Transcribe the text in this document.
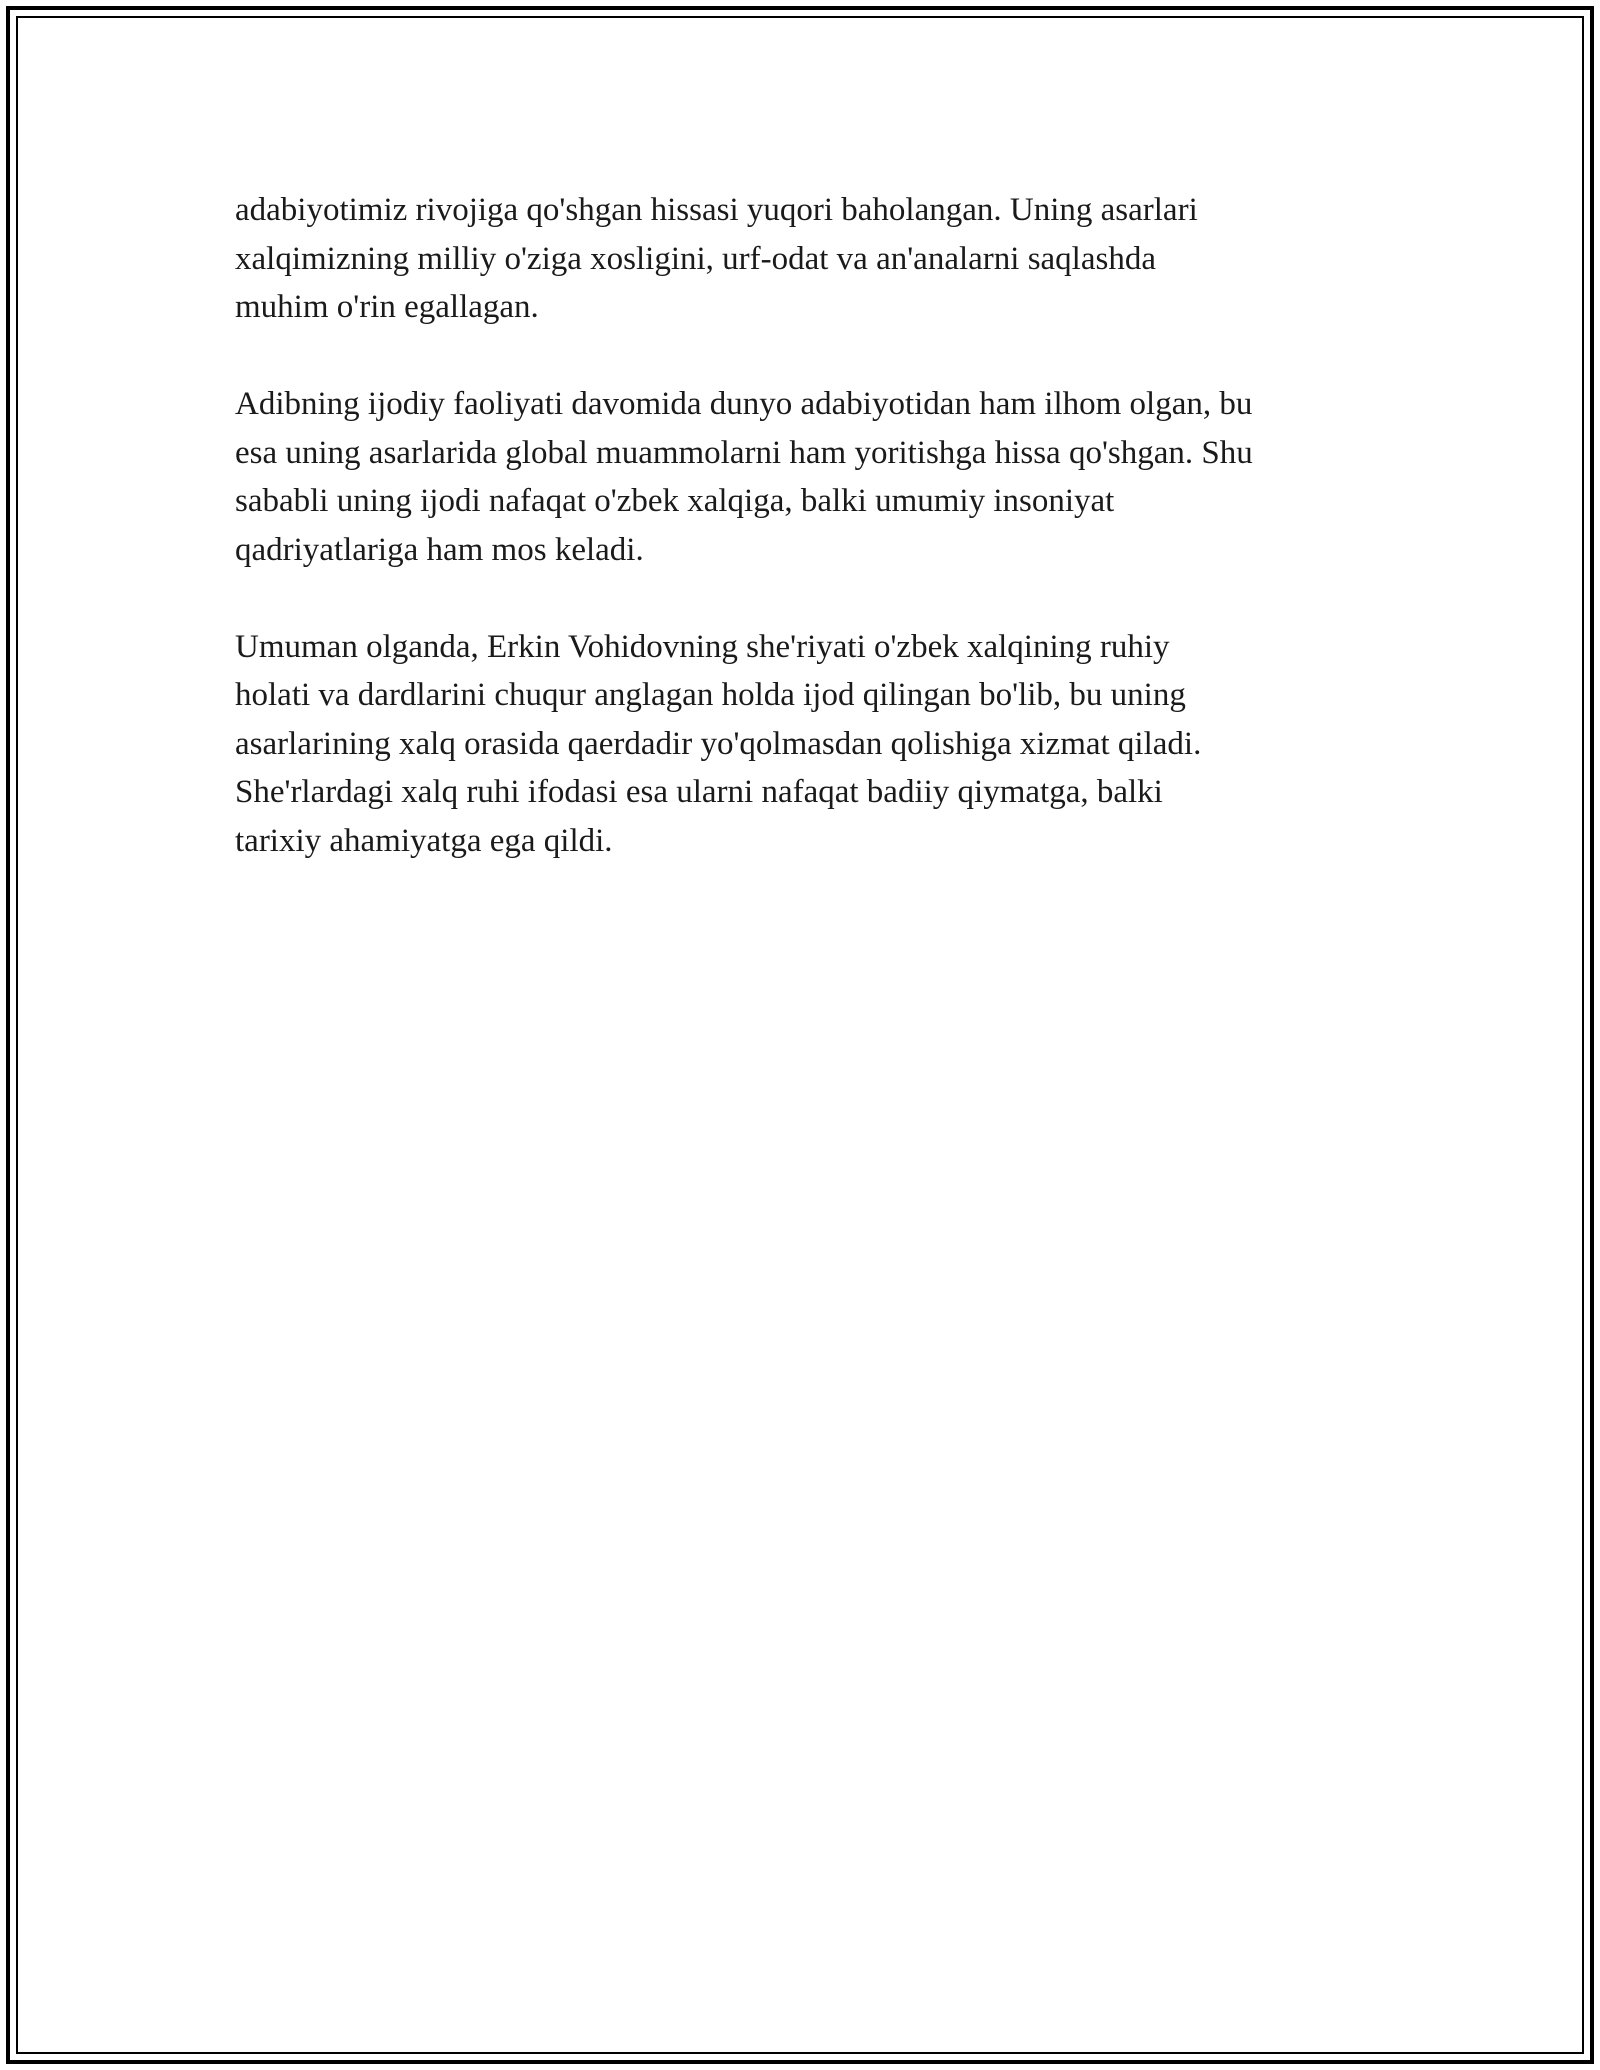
adabiyotimiz rivojiga qo'shgan hissasi yuqori baholangan. Uning asarlari
xalqimizning milliy o'ziga xosligini, urf-odat va an'analarni saqlashda
muhim o'rin egallagan.

Adibning ijodiy faoliyati davomida dunyo adabiyotidan ham ilhom olgan, bu
esa uning asarlarida global muammolarni ham yoritishga hissa qo'shgan. Shu
sababli uning ijodi nafaqat o'zbek xalqiga, balki umumiy insoniyat
qadriyatlariga ham mos keladi.

Umuman olganda, Erkin Vohidovning she'riyati o'zbek xalqining ruhiy
holati va dardlarini chuqur anglagan holda ijod qilingan bo'lib, bu uning
asarlarining xalq orasida qaerdadir yo'qolmasdan qolishiga xizmat qiladi.
She'rlardagi xalq ruhi ifodasi esa ularni nafaqat badiiy qiymatga, balki
tarixiy ahamiyatga ega qildi.
